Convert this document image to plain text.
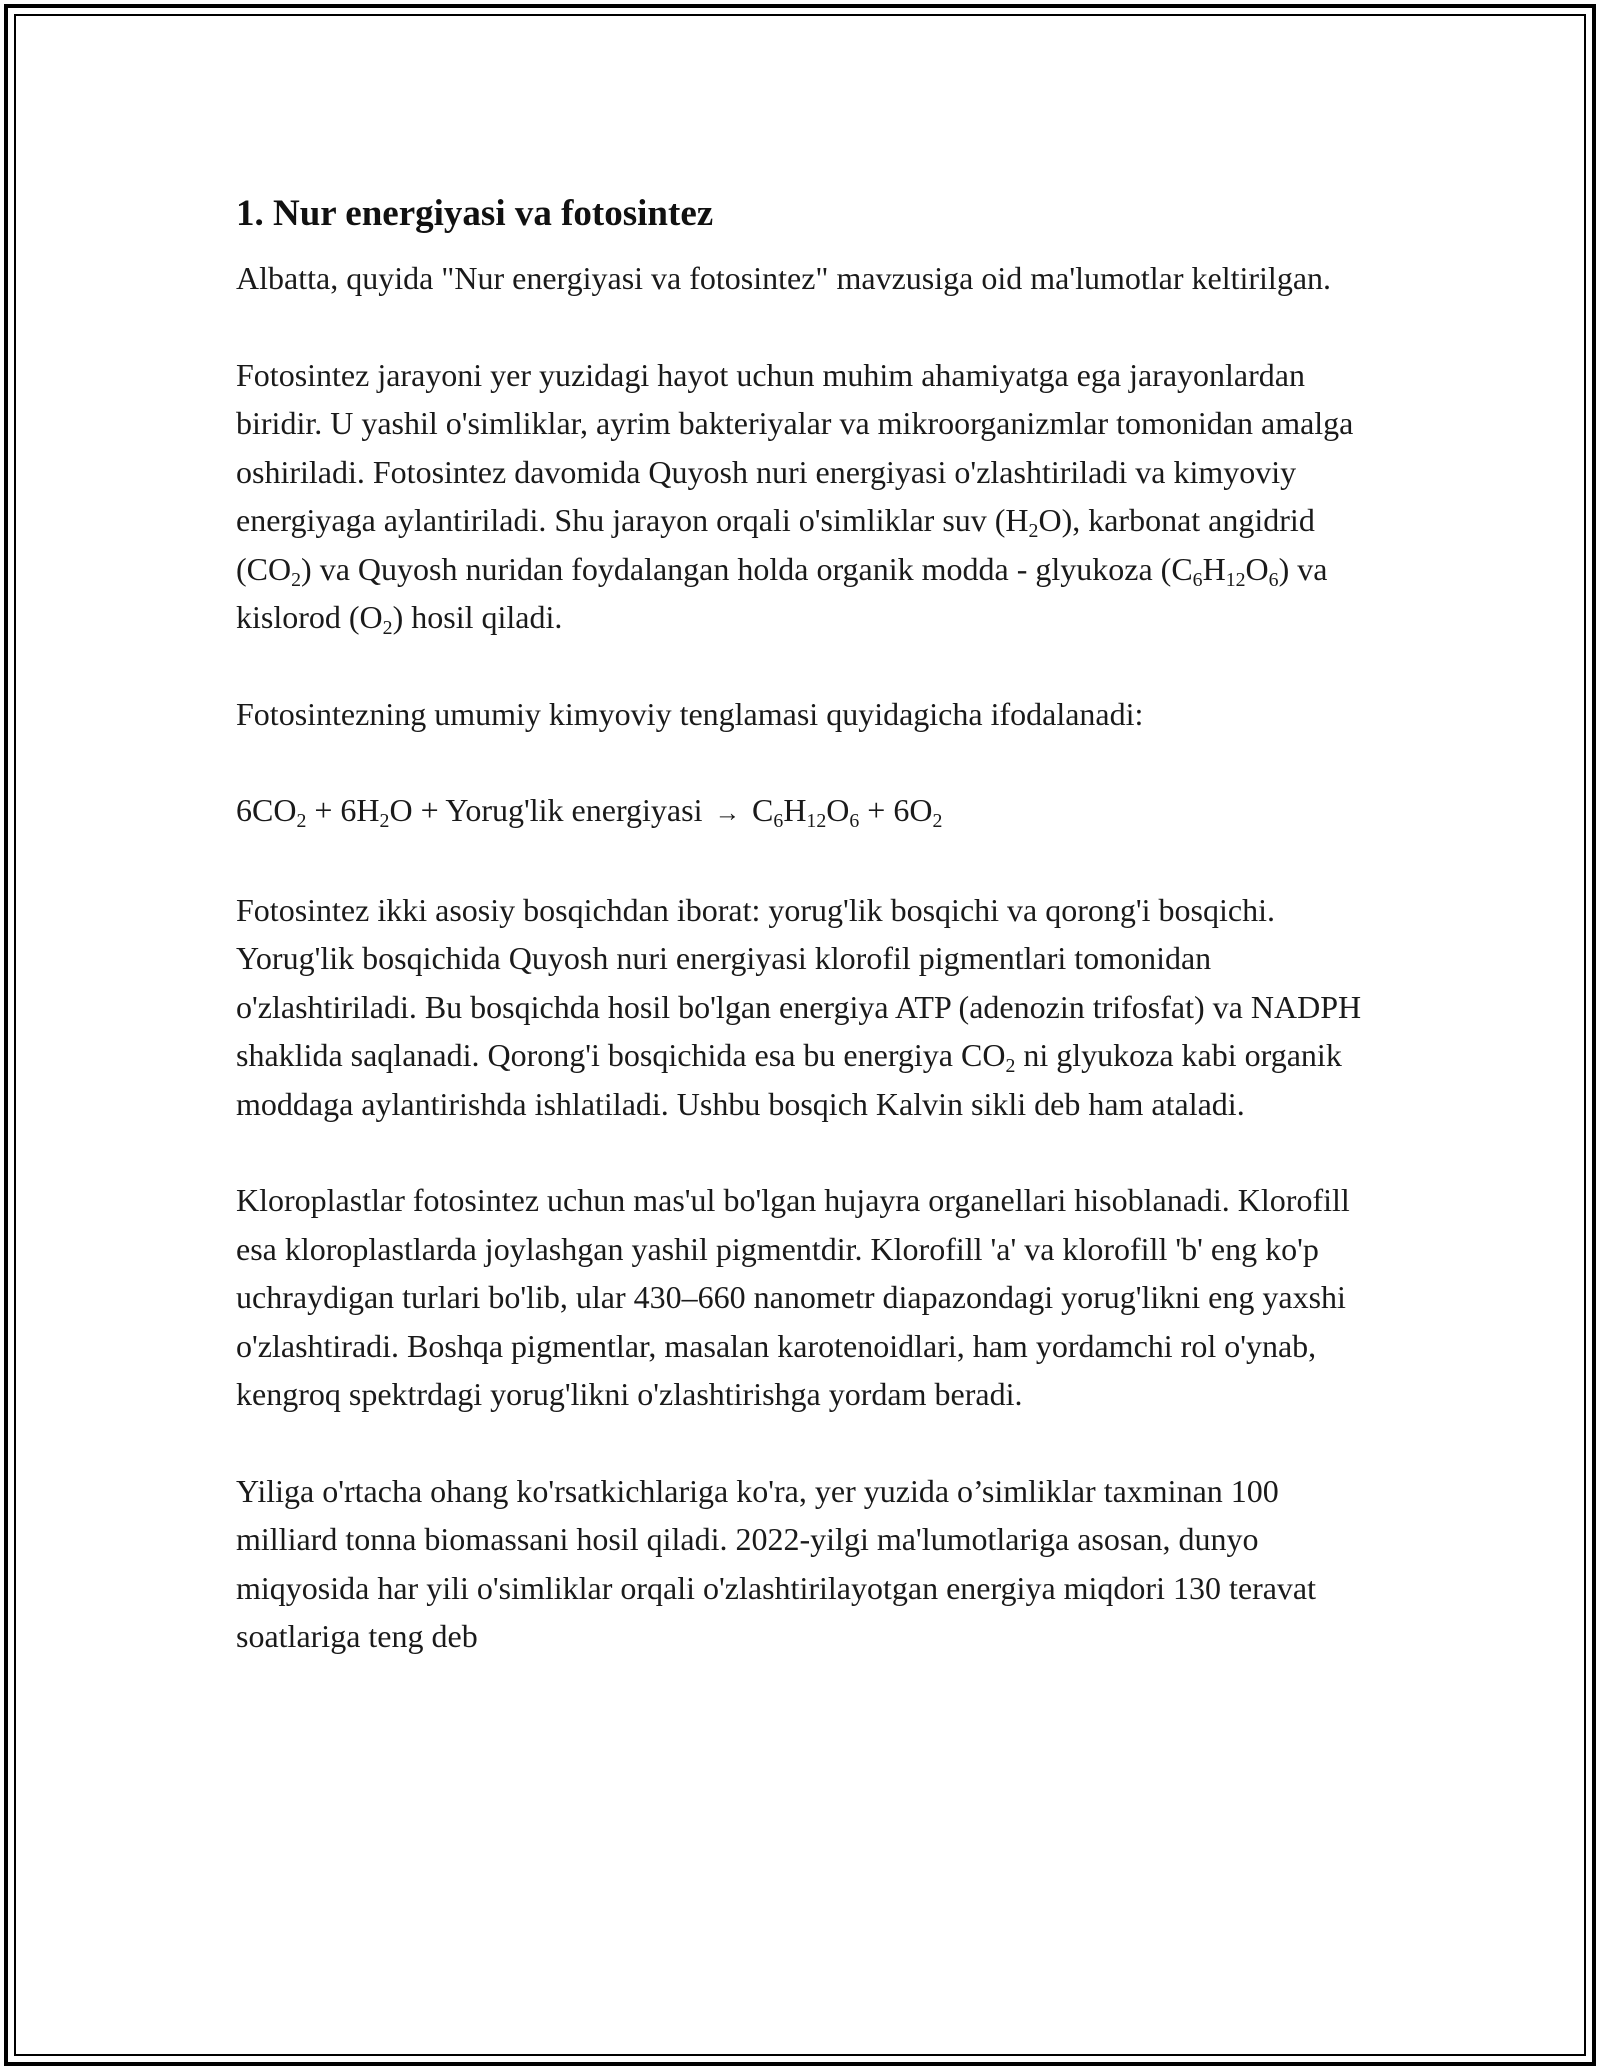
1. Nur energiyasi va fotosintez

Albatta, quyida "Nur energiyasi va fotosintez" mavzusiga oid ma'lumotlar keltirilgan.

Fotosintez jarayoni yer yuzidagi hayot uchun muhim ahamiyatga ega jarayonlardan biridir. U yashil o'simliklar, ayrim bakteriyalar va mikroorganizmlar tomonidan amalga oshiriladi. Fotosintez davomida Quyosh nuri energiyasi o'zlashtiriladi va kimyoviy energiyaga aylantiriladi. Shu jarayon orqali o'simliklar suv $(H_2O)$, karbonat angidrid $(CO_2)$ va Quyosh nuridan foydalangan holda organik modda - glyukoza $(C_6H_{12}O_6)$ va kislorod $(O_2)$ hosil qiladi.

Fotosintezning umumiy kimyoviy tenglamasi quyidagicha ifodalanadi:

$6CO_2 + 6H_2O$ + Yorug'lik energiyasi → $C_6H_{12}O_6 + 6O_2$

Fotosintez ikki asosiy bosqichdan iborat: yorug'lik bosqichi va qorong'i bosqichi. Yorug'lik bosqichida Quyosh nuri energiyasi klorofil pigmentlari tomonidan o'zlashtiriladi. Bu bosqichda hosil bo'lgan energiya ATP (adenozin trifosfat) va NADPH shaklida saqlanadi. Qorong'i bosqichida esa bu energiya $CO_2$ ni glyukoza kabi organik moddaga aylantirishda ishlatiladi. Ushbu bosqich Kalvin sikli deb ham ataladi.

Kloroplastlar fotosintez uchun mas'ul bo'lgan hujayra organellari hisoblanadi. Klorofill esa kloroplastlarda joylashgan yashil pigmentdir. Klorofill 'a' va klorofill 'b' eng ko'p uchraydigan turlari bo'lib, ular 430–660 nanometr diapazondagi yorug'likni eng yaxshi o'zlashtiradi. Boshqa pigmentlar, masalan karotenoidlari, ham yordamchi rol o'ynab, kengroq spektrdagi yorug'likni o'zlashtirishga yordam beradi.

Yiliga o'rtacha ohang ko'rsatkichlariga ko'ra, yer yuzida o’simliklar taxminan 100 milliard tonna biomassani hosil qiladi. 2022-yilgi ma'lumotlariga asosan, dunyo miqyosida har yili o'simliklar orqali o'zlashtirilayotgan energiya miqdori 130 teravat soatlariga teng deb
